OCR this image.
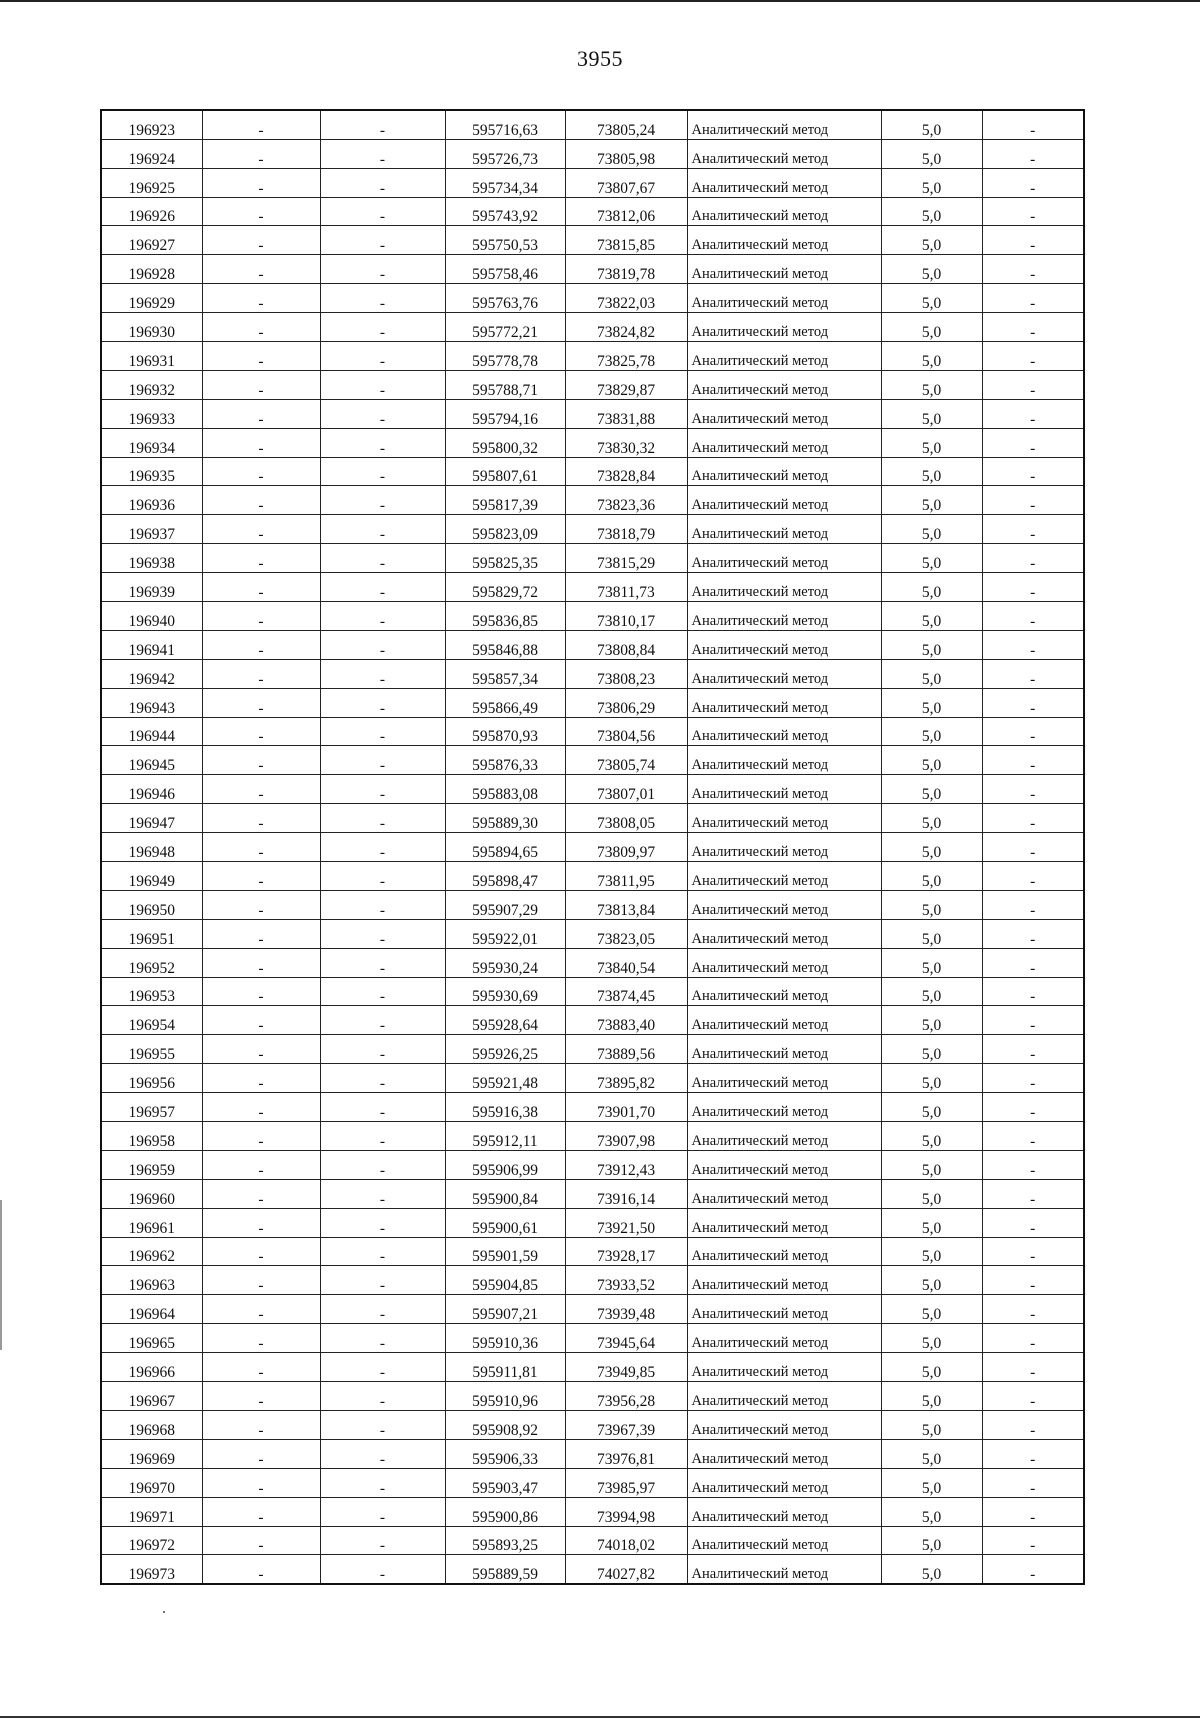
3955
196923	-	-	595716,63	73805,24	Аналитический метод	5,0	-
196924	-	-	595726,73	73805,98	Аналитический метод	5,0	-
196925	-	-	595734,34	73807,67	Аналитический метод	5,0	-
196926	-	-	595743,92	73812,06	Аналитический метод	5,0	-
196927	-	-	595750,53	73815,85	Аналитический метод	5,0	-
196928	-	-	595758,46	73819,78	Аналитический метод	5,0	-
196929	-	-	595763,76	73822,03	Аналитический метод	5,0	-
196930	-	-	595772,21	73824,82	Аналитический метод	5,0	-
196931	-	-	595778,78	73825,78	Аналитический метод	5,0	-
196932	-	-	595788,71	73829,87	Аналитический метод	5,0	-
196933	-	-	595794,16	73831,88	Аналитический метод	5,0	-
196934	-	-	595800,32	73830,32	Аналитический метод	5,0	-
196935	-	-	595807,61	73828,84	Аналитический метод	5,0	-
196936	-	-	595817,39	73823,36	Аналитический метод	5,0	-
196937	-	-	595823,09	73818,79	Аналитический метод	5,0	-
196938	-	-	595825,35	73815,29	Аналитический метод	5,0	-
196939	-	-	595829,72	73811,73	Аналитический метод	5,0	-
196940	-	-	595836,85	73810,17	Аналитический метод	5,0	-
196941	-	-	595846,88	73808,84	Аналитический метод	5,0	-
196942	-	-	595857,34	73808,23	Аналитический метод	5,0	-
196943	-	-	595866,49	73806,29	Аналитический метод	5,0	-
196944	-	-	595870,93	73804,56	Аналитический метод	5,0	-
196945	-	-	595876,33	73805,74	Аналитический метод	5,0	-
196946	-	-	595883,08	73807,01	Аналитический метод	5,0	-
196947	-	-	595889,30	73808,05	Аналитический метод	5,0	-
196948	-	-	595894,65	73809,97	Аналитический метод	5,0	-
196949	-	-	595898,47	73811,95	Аналитический метод	5,0	-
196950	-	-	595907,29	73813,84	Аналитический метод	5,0	-
196951	-	-	595922,01	73823,05	Аналитический метод	5,0	-
196952	-	-	595930,24	73840,54	Аналитический метод	5,0	-
196953	-	-	595930,69	73874,45	Аналитический метод	5,0	-
196954	-	-	595928,64	73883,40	Аналитический метод	5,0	-
196955	-	-	595926,25	73889,56	Аналитический метод	5,0	-
196956	-	-	595921,48	73895,82	Аналитический метод	5,0	-
196957	-	-	595916,38	73901,70	Аналитический метод	5,0	-
196958	-	-	595912,11	73907,98	Аналитический метод	5,0	-
196959	-	-	595906,99	73912,43	Аналитический метод	5,0	-
196960	-	-	595900,84	73916,14	Аналитический метод	5,0	-
196961	-	-	595900,61	73921,50	Аналитический метод	5,0	-
196962	-	-	595901,59	73928,17	Аналитический метод	5,0	-
196963	-	-	595904,85	73933,52	Аналитический метод	5,0	-
196964	-	-	595907,21	73939,48	Аналитический метод	5,0	-
196965	-	-	595910,36	73945,64	Аналитический метод	5,0	-
196966	-	-	595911,81	73949,85	Аналитический метод	5,0	-
196967	-	-	595910,96	73956,28	Аналитический метод	5,0	-
196968	-	-	595908,92	73967,39	Аналитический метод	5,0	-
196969	-	-	595906,33	73976,81	Аналитический метод	5,0	-
196970	-	-	595903,47	73985,97	Аналитический метод	5,0	-
196971	-	-	595900,86	73994,98	Аналитический метод	5,0	-
196972	-	-	595893,25	74018,02	Аналитический метод	5,0	-
196973	-	-	595889,59	74027,82	Аналитический метод	5,0	-
